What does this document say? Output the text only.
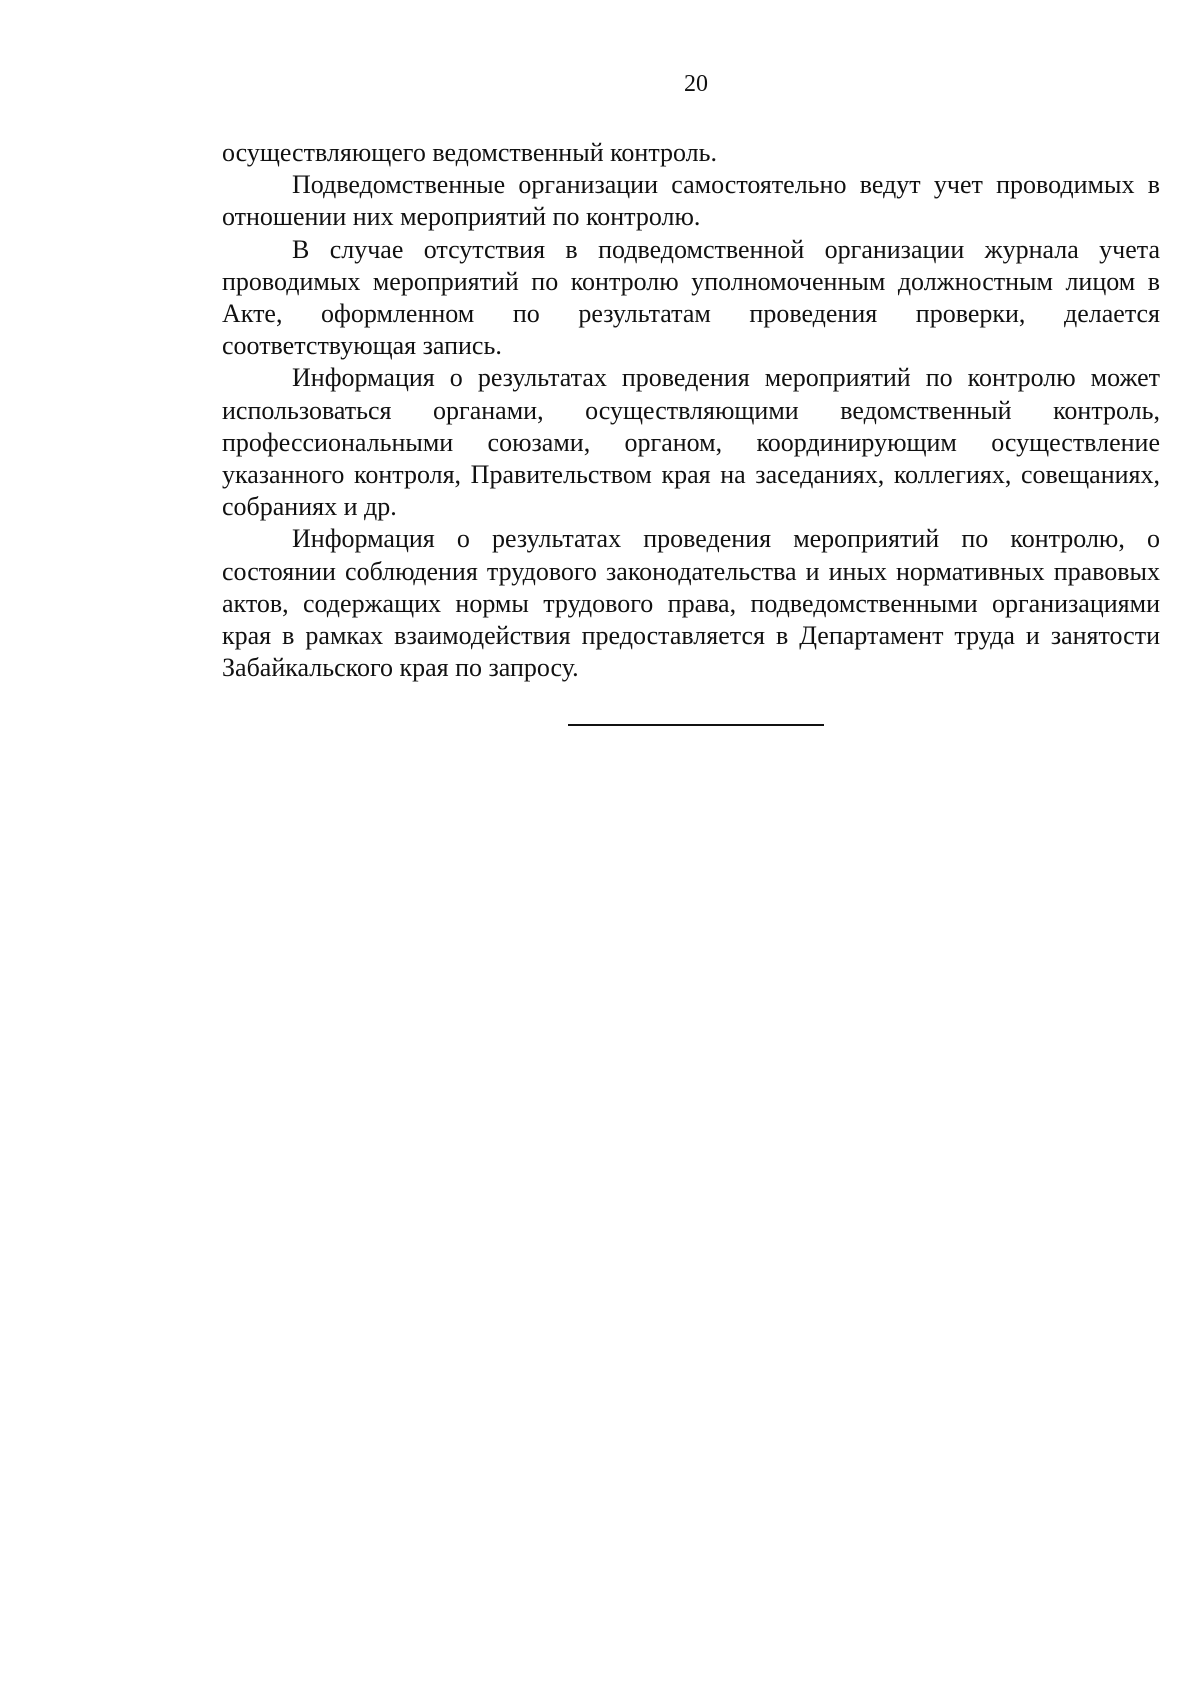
20

осуществляющего ведомственный контроль.

Подведомственные организации самостоятельно ведут учет проводимых в отношении них мероприятий по контролю.

В случае отсутствия в подведомственной организации журнала учета проводимых мероприятий по контролю уполномоченным должностным лицом в Акте, оформленном по результатам проведения проверки, делается соответствующая запись.

Информация о результатах проведения мероприятий по контролю может использоваться органами, осуществляющими ведомственный контроль, профессиональными союзами, органом, координирующим осуществление указанного контроля, Правительством края на заседаниях, коллегиях, совещаниях, собраниях и др.

Информация о результатах проведения мероприятий по контролю, о состоянии соблюдения трудового законодательства и иных нормативных правовых актов, содержащих нормы трудового права, подведомственными организациями края в рамках взаимодействия предоставляется в Департамент труда и занятости Забайкальского края по запросу.
